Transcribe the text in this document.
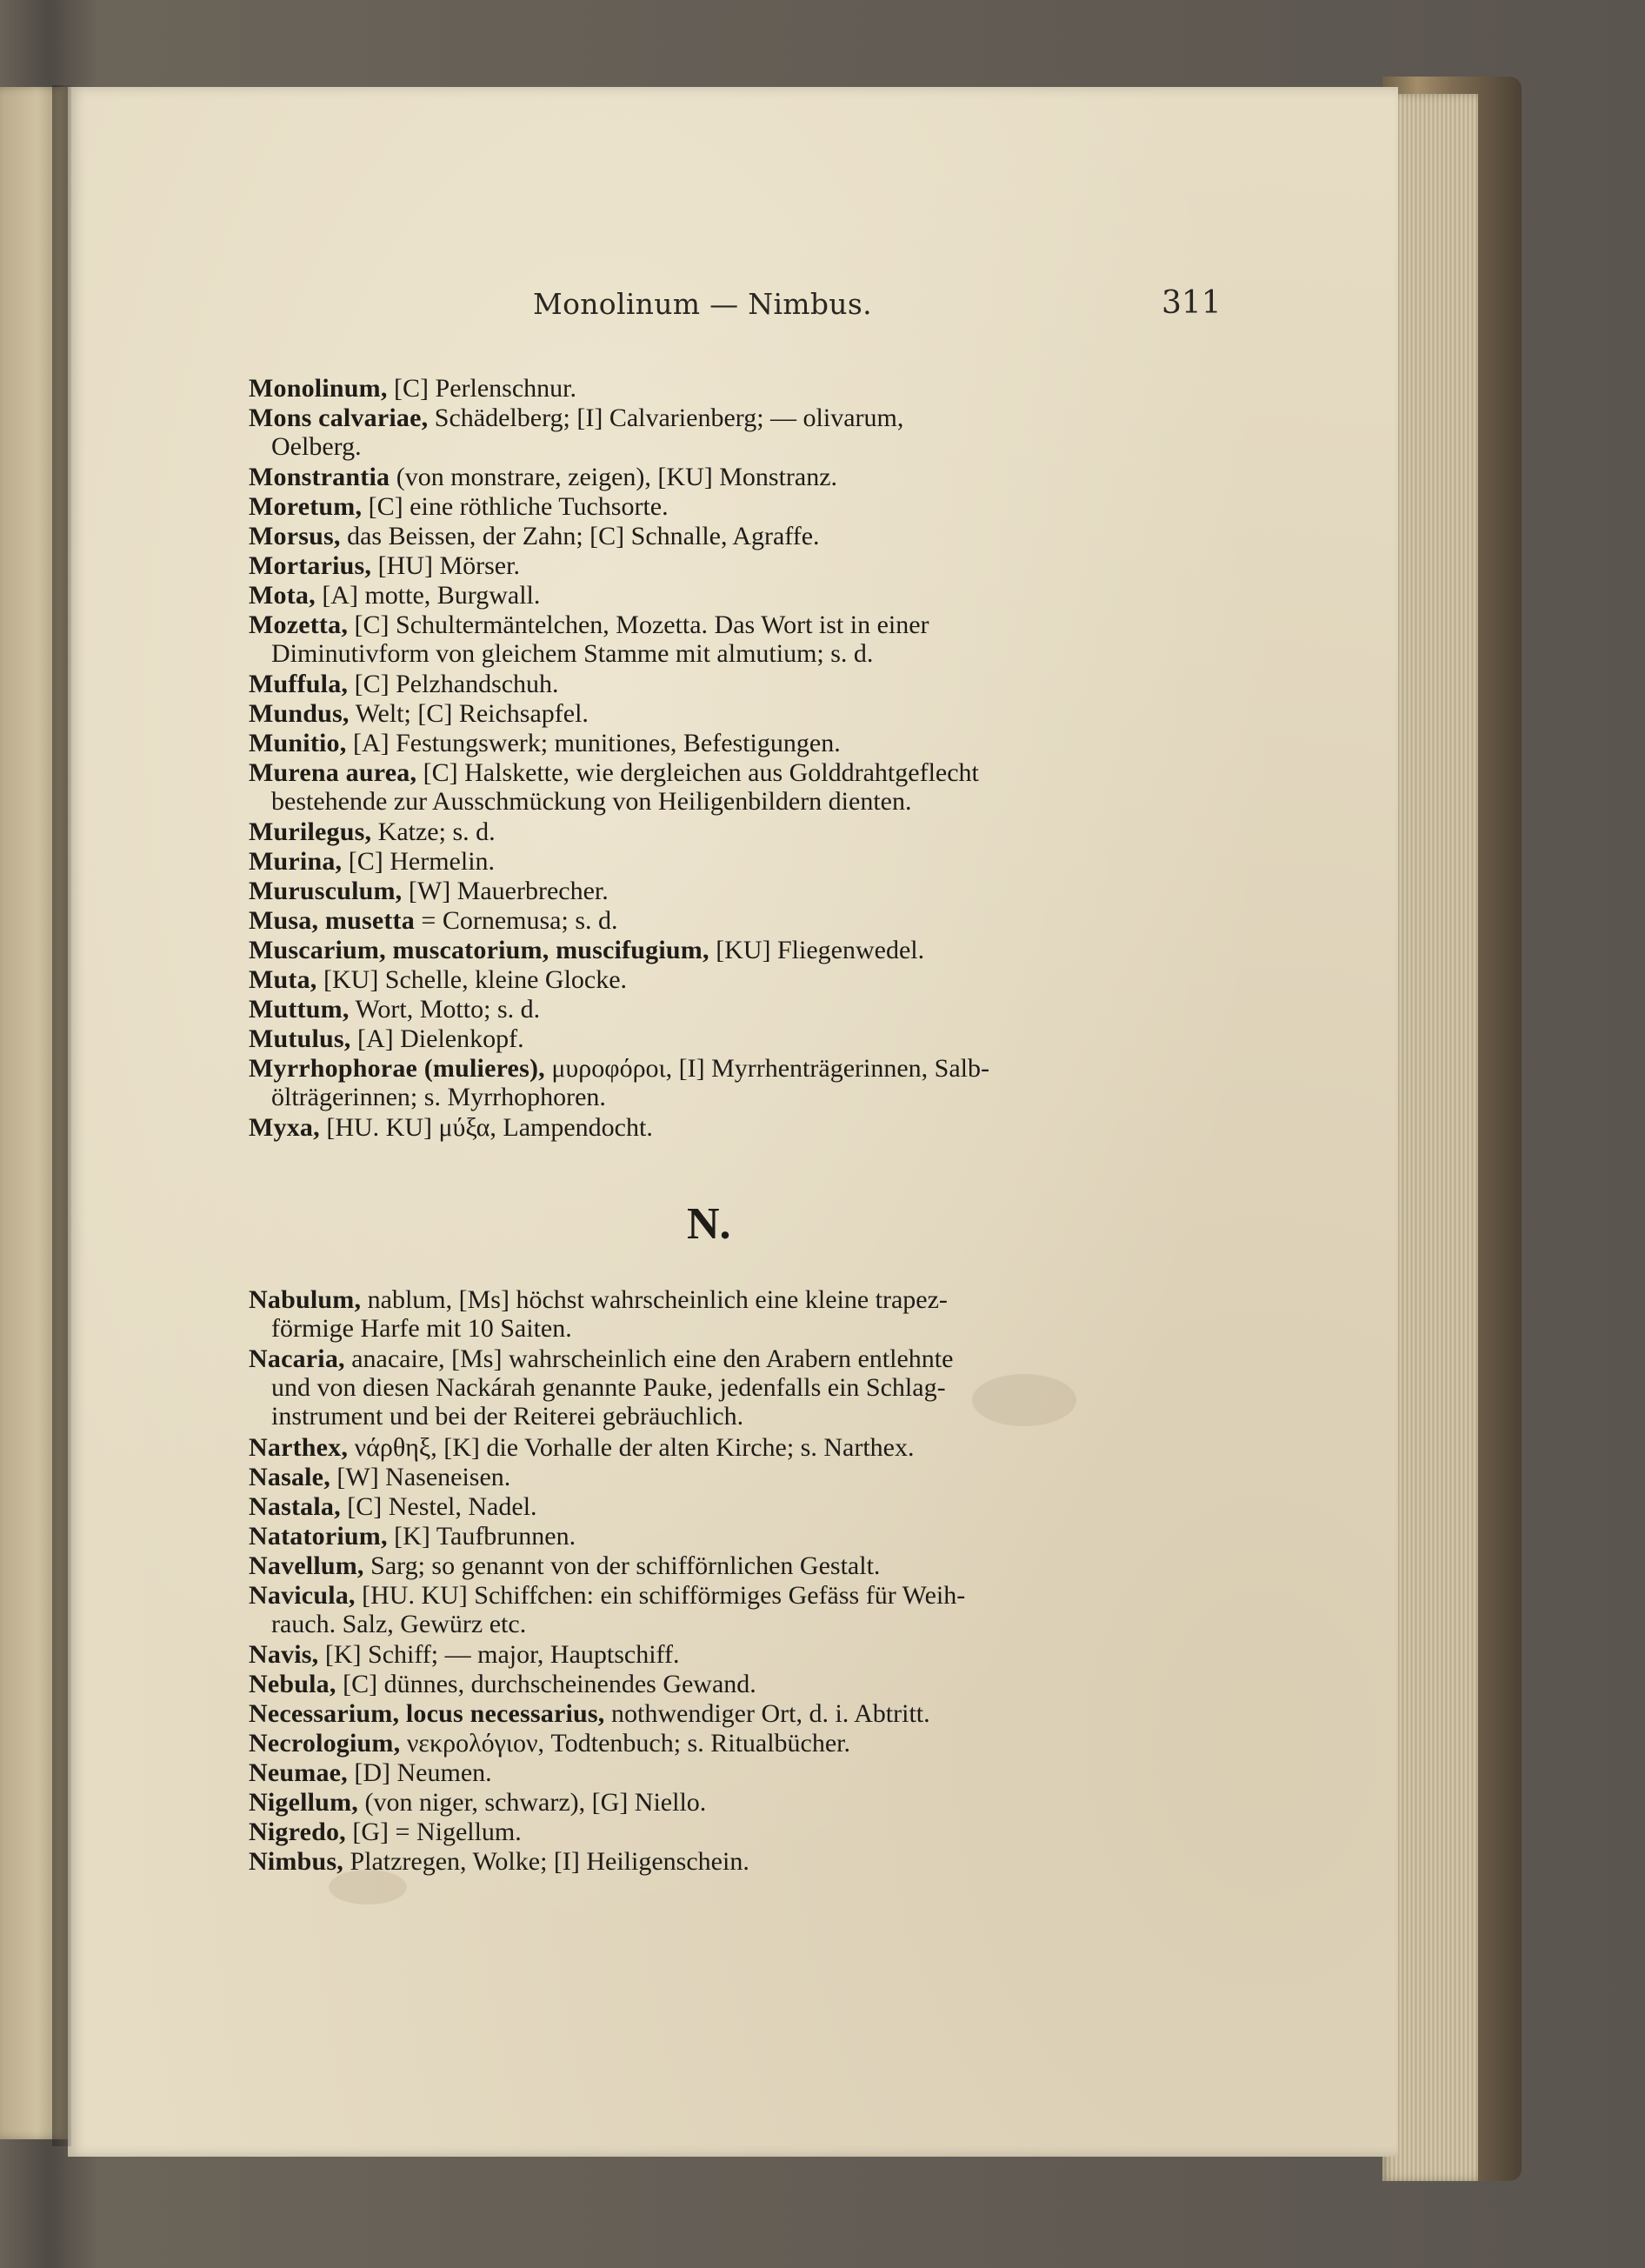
Monolinum — Nimbus.	311
Monolinum, [C] Perlenschnur.
Mons calvariae, Schädelberg; [I] Calvarienberg; — olivarum,
Oelberg.
Monstrantia (von monstrare, zeigen), [KU] Monstranz.
Moretum, [C] eine röthliche Tuchsorte.
Morsus, das Beissen, der Zahn; [C] Schnalle, Agraffe.
Mortarius, [HU] Mörser.
Mota, [A] motte, Burgwall.
Mozetta, [C] Schultermäntelchen, Mozetta. Das Wort ist in einer
Diminutivform von gleichem Stamme mit almutium; s. d.
Muffula, [C] Pelzhandschuh.
Mundus, Welt; [C] Reichsapfel.
Munitio, [A] Festungswerk; munitiones, Befestigungen.
Murena aurea, [C] Halskette, wie dergleichen aus Golddrahtgeflecht
bestehende zur Ausschmückung von Heiligenbildern dienten.
Murilegus, Katze; s. d.
Murina, [C] Hermelin.
Murusculum, [W] Mauerbrecher.
Musa, musetta = Cornemusa; s. d.
Muscarium, muscatorium, muscifugium, [KU] Fliegenwedel.
Muta, [KU] Schelle, kleine Glocke.
Muttum, Wort, Motto; s. d.
Mutulus, [A] Dielenkopf.
Myrrhophorae (mulieres), μυροφόροι, [I] Myrrhenträgerinnen, Salb-
ölträgerinnen; s. Myrrhophoren.
Myxa, [HU. KU] μύξα, Lampendocht.
N.
Nabulum, nablum, [Ms] höchst wahrscheinlich eine kleine trapez-
förmige Harfe mit 10 Saiten.
Nacaria, anacaire, [Ms] wahrscheinlich eine den Arabern entlehnte
und von diesen Nackárah genannte Pauke, jedenfalls ein Schlag-
instrument und bei der Reiterei gebräuchlich.
Narthex, νάρθηξ, [K] die Vorhalle der alten Kirche; s. Narthex.
Nasale, [W] Naseneisen.
Nastala, [C] Nestel, Nadel.
Natatorium, [K] Taufbrunnen.
Navellum, Sarg; so genannt von der schifförnlichen Gestalt.
Navicula, [HU. KU] Schiffchen: ein schifförmiges Gefäss für Weih-
rauch. Salz, Gewürz etc.
Navis, [K] Schiff; — major, Hauptschiff.
Nebula, [C] dünnes, durchscheinendes Gewand.
Necessarium, locus necessarius, nothwendiger Ort, d. i. Abtritt.
Necrologium, νεκρολόγιον, Todtenbuch; s. Ritualbücher.
Neumae, [D] Neumen.
Nigellum, (von niger, schwarz), [G] Niello.
Nigredo, [G] = Nigellum.
Nimbus, Platzregen, Wolke; [I] Heiligenschein.
